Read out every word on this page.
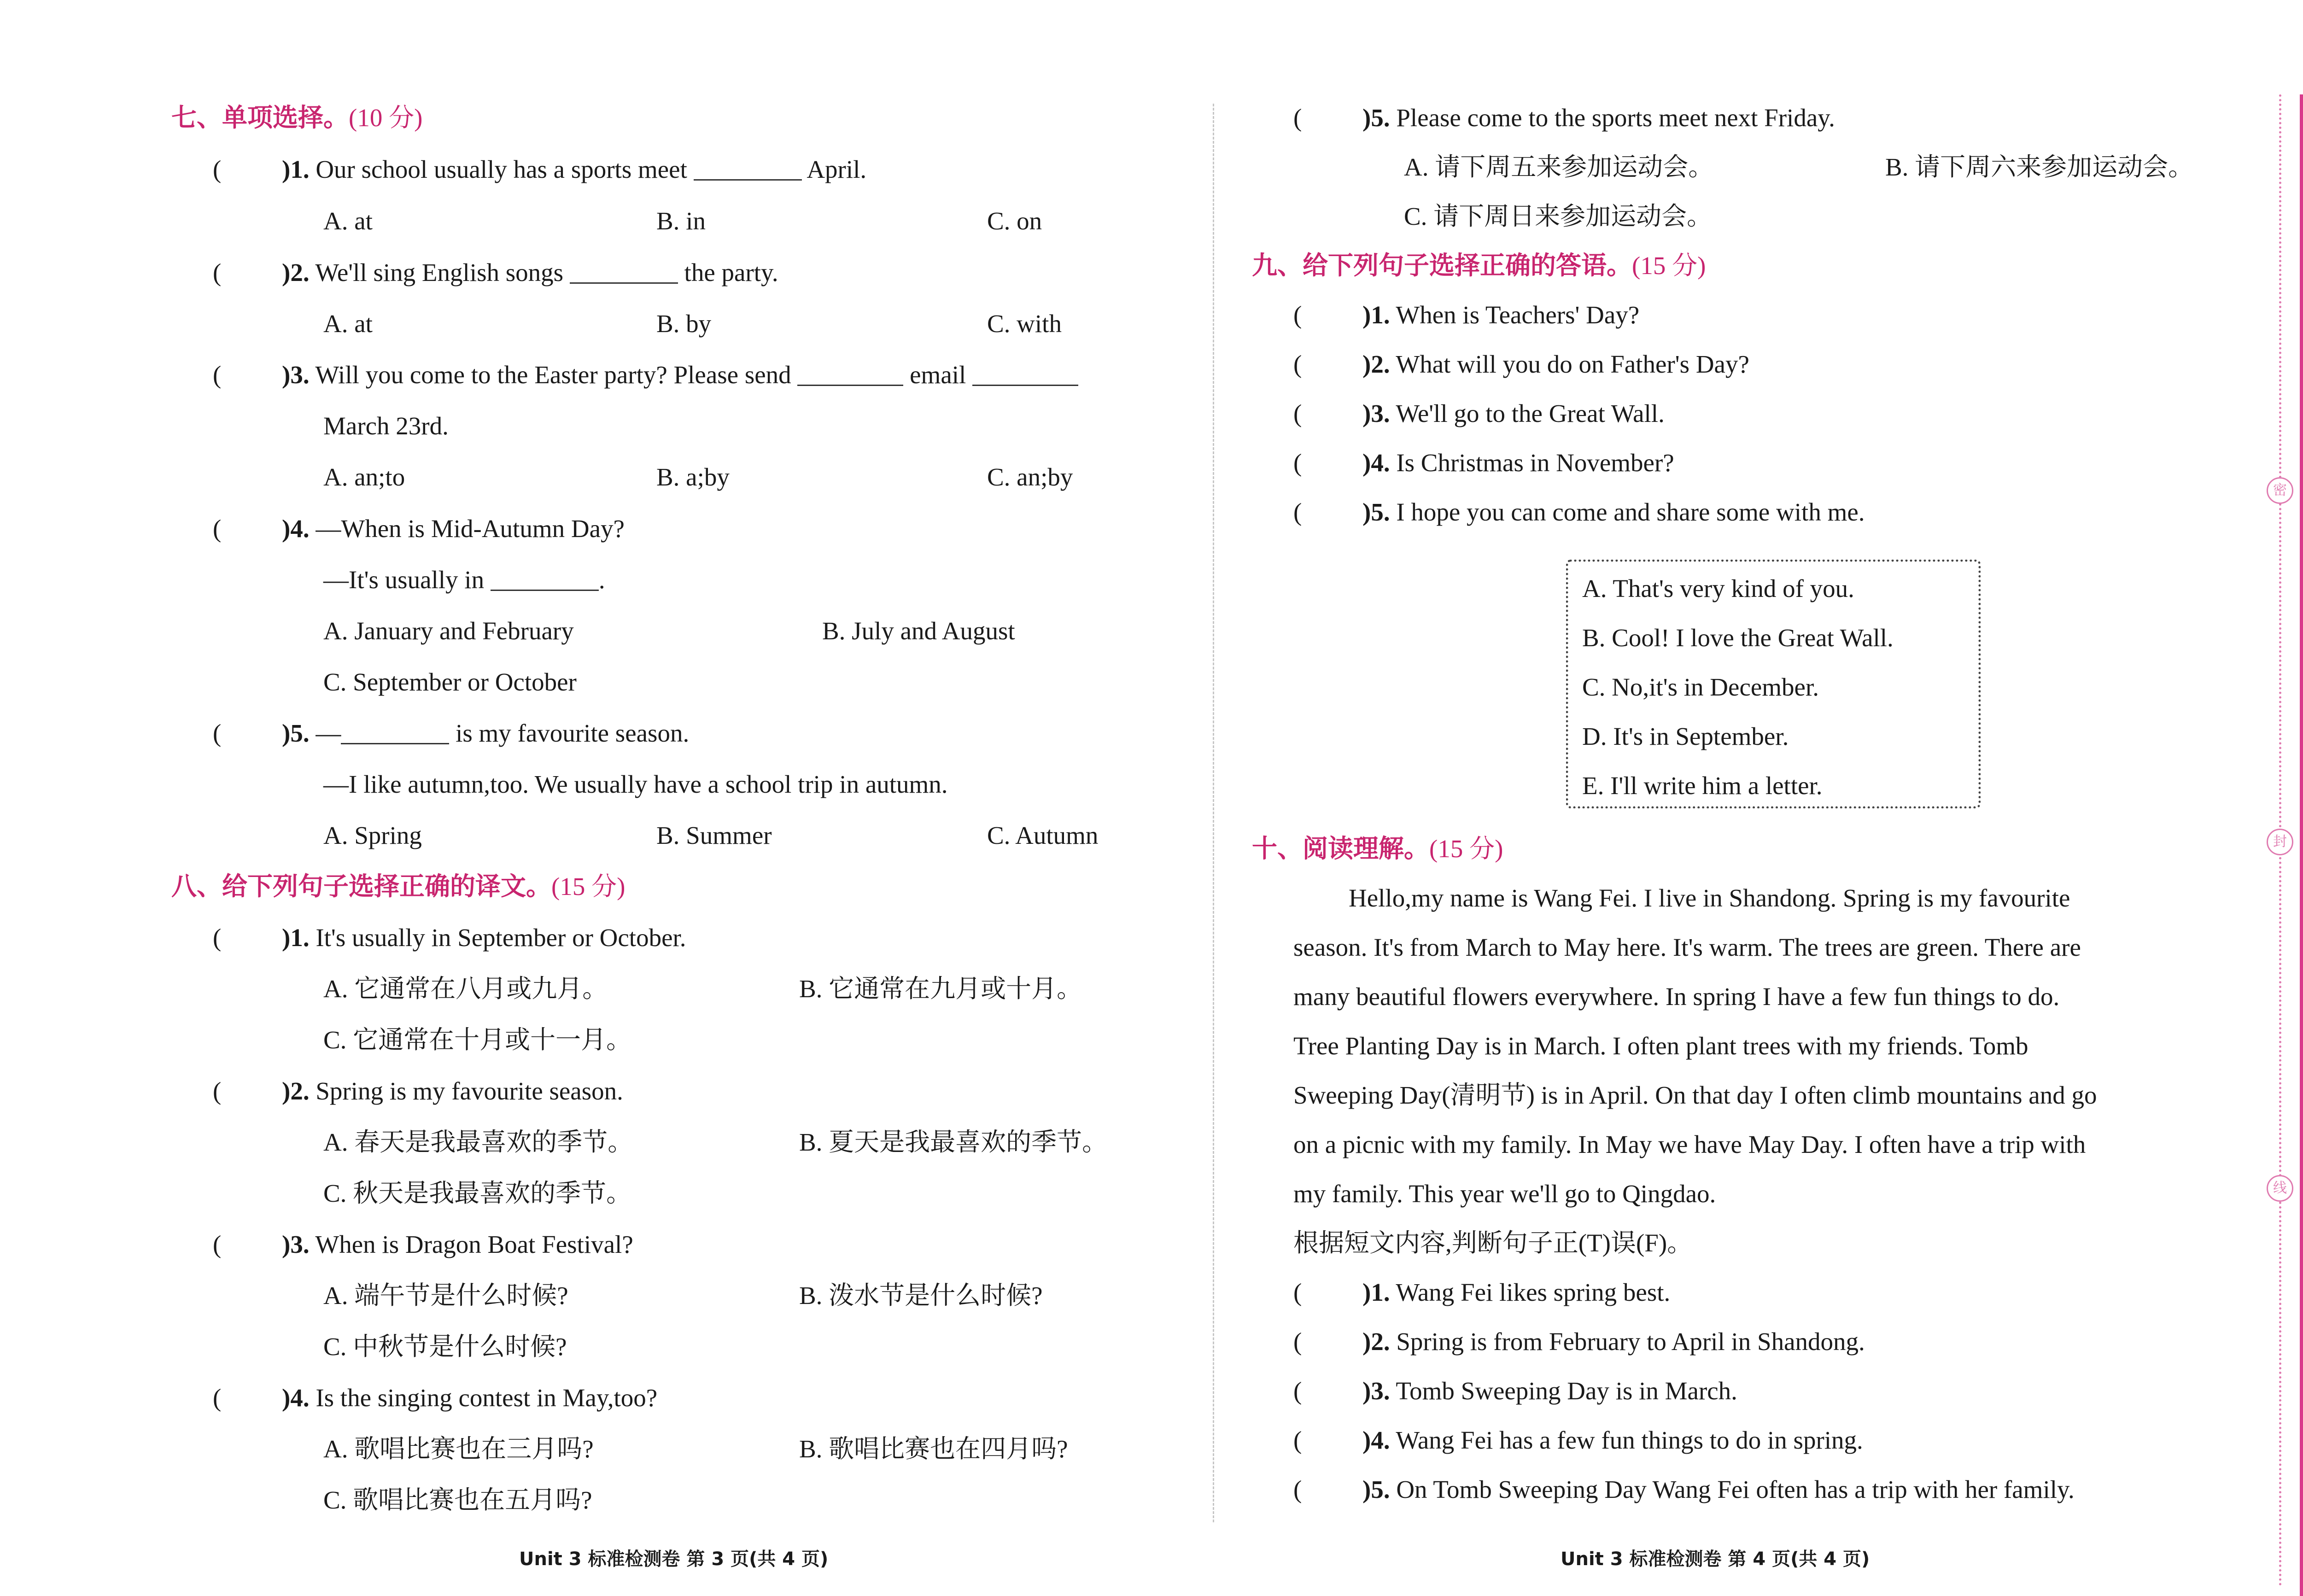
七、单项选择。(10 分)
( )1. Our school usually has a sports meet	April.
A. at	B. in	C. on
( )2. We'll sing English songs	the party.
A. at	B. by	C. with
( )3. Will you come to the Easter party? Please send	email
March 23rd.
A. an;to	B. a;by	C. an;by
( )4. —When is Mid-Autumn Day?
—It's usually in	.
A. January and February	B. July and August
C. September or October
( )5. —	is my favourite season.
—I like autumn,too. We usually have a school trip in autumn.
A. Spring	B. Summer	C. Autumn
八、给下列句子选择正确的译文。(15 分)
( )1. It's usually in September or October.
A. 它通常在八月或九月。	B. 它通常在九月或十月。
C. 它通常在十月或十一月。
( )2. Spring is my favourite season.
A. 春天是我最喜欢的季节。	B. 夏天是我最喜欢的季节。
C. 秋天是我最喜欢的季节。
( )3. When is Dragon Boat Festival?
A. 端午节是什么时候?	B. 泼水节是什么时候?
C. 中秋节是什么时候?
( )4. Is the singing contest in May,too?
A. 歌唱比赛也在三月吗?	B. 歌唱比赛也在四月吗?
C. 歌唱比赛也在五月吗?
Unit 3 标准检测卷 第 3 页(共 4 页)
( )5. Please come to the sports meet next Friday.
A. 请下周五来参加运动会。	B. 请下周六来参加运动会。
C. 请下周日来参加运动会。
九、给下列句子选择正确的答语。(15 分)
( )1. When is Teachers' Day?
( )2. What will you do on Father's Day?
( )3. We'll go to the Great Wall.
( )4. Is Christmas in November?
( )5. I hope you can come and share some with me.
A. That's very kind of you.
B. Cool! I love the Great Wall.
C. No,it's in December.
D. It's in September.
E. I'll write him a letter.
十、阅读理解。(15 分)
Hello,my name is Wang Fei. I live in Shandong. Spring is my favourite
season. It's from March to May here. It's warm. The trees are green. There are
many beautiful flowers everywhere. In spring I have a few fun things to do.
Tree Planting Day is in March. I often plant trees with my friends. Tomb
Sweeping Day(清明节) is in April. On that day I often climb mountains and go
on a picnic with my family. In May we have May Day. I often have a trip with
my family. This year we'll go to Qingdao.
根据短文内容,判断句子正(T)误(F)。
( )1. Wang Fei likes spring best.
( )2. Spring is from February to April in Shandong.
( )3. Tomb Sweeping Day is in March.
( )4. Wang Fei has a few fun things to do in spring.
( )5. On Tomb Sweeping Day Wang Fei often has a trip with her family.
Unit 3 标准检测卷 第 4 页(共 4 页)
密
封
线
